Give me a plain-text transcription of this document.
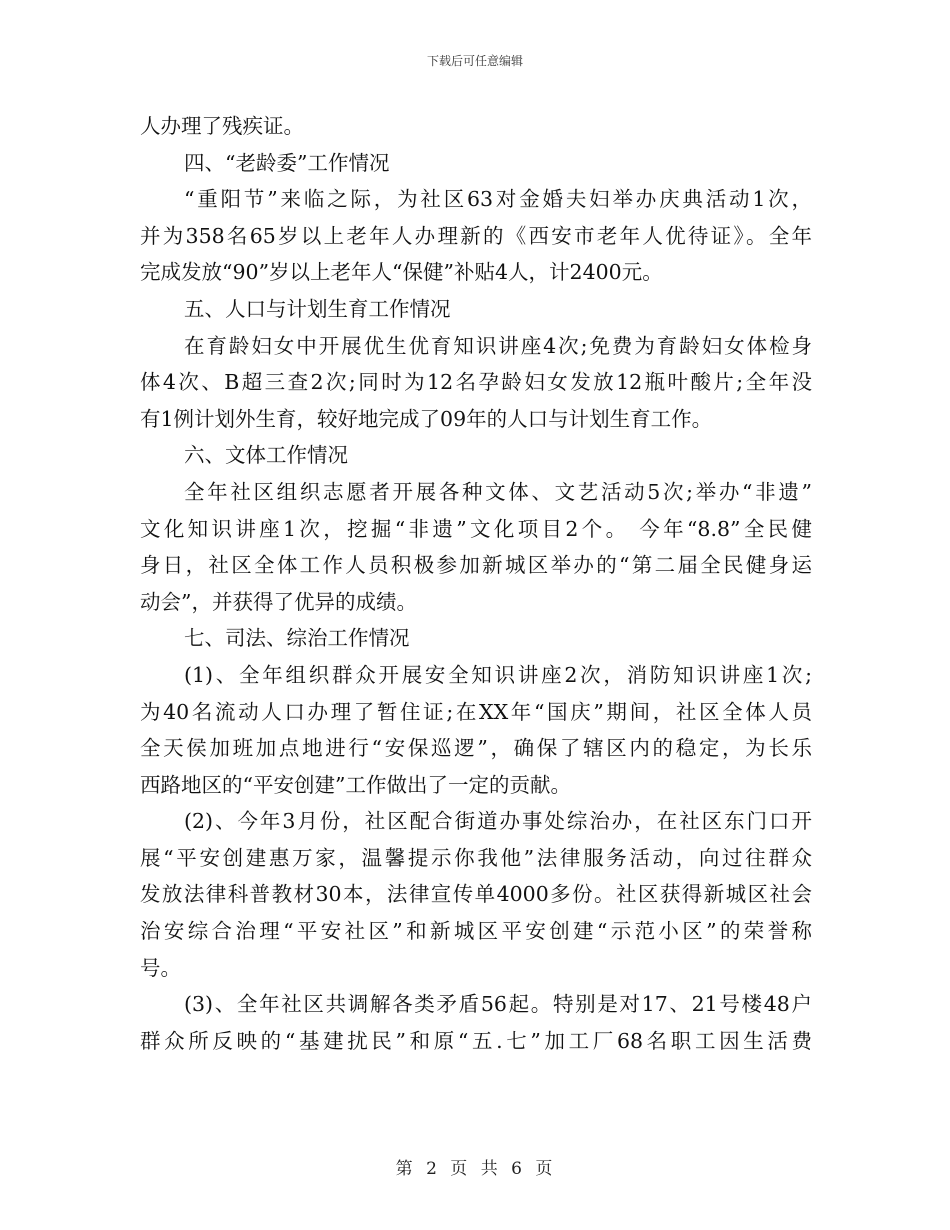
下载后可任意编辑
人办理了残疾证。
四、“老龄委”工作情况
“重阳节”来临之际，为社区63对金婚夫妇举办庆典活动1次，
并为358名65岁以上老年人办理新的《西安市老年人优待证》。全年
完成发放“90”岁以上老年人“保健”补贴4人，计2400元。
五、人口与计划生育工作情况
在育龄妇女中开展优生优育知识讲座4次;免费为育龄妇女体检身
体4次、B超三查2次;同时为12名孕龄妇女发放12瓶叶酸片;全年没
有1例计划外生育，较好地完成了09年的人口与计划生育工作。
六、文体工作情况
全年社区组织志愿者开展各种文体、文艺活动5次;举办“非遗”
文化知识讲座1次，挖掘“非遗”文化项目2个。 今年“8.8”全民健
身日，社区全体工作人员积极参加新城区举办的“第二届全民健身运
动会”，并获得了优异的成绩。
七、司法、综治工作情况
(1)、全年组织群众开展安全知识讲座2次，消防知识讲座1次;
为40名流动人口办理了暂住证;在XX年“国庆”期间，社区全体人员
全天侯加班加点地进行“安保巡逻”，确保了辖区内的稳定，为长乐
西路地区的“平安创建”工作做出了一定的贡献。
(2)、今年3月份，社区配合街道办事处综治办，在社区东门口开
展“平安创建惠万家，温馨提示你我他”法律服务活动，向过往群众
发放法律科普教材30本，法律宣传单4000多份。社区获得新城区社会
治安综合治理“平安社区”和新城区平安创建“示范小区”的荣誉称
号。
(3)、全年社区共调解各类矛盾56起。特别是对17、21号楼48户
群众所反映的“基建扰民”和原“五.七”加工厂68名职工因生活费
第 2 页 共 6 页
